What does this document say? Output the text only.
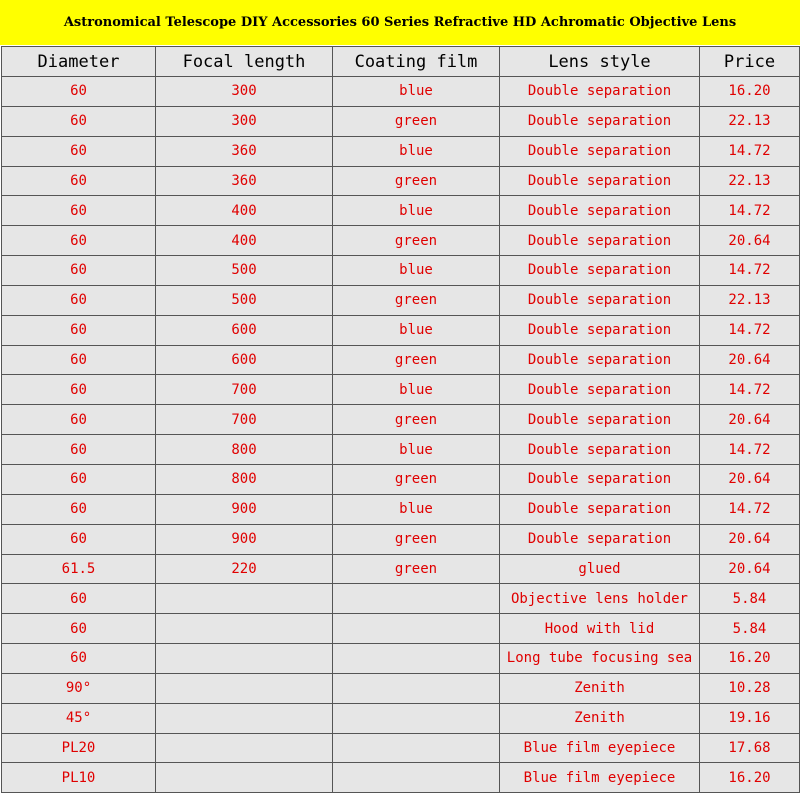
Astronomical Telescope DIY Accessories 60 Series Refractive HD Achromatic Objective Lens
Diameter	Focal length	Coating film	Lens style	Price
60	300	blue	Double separation	16.20
60	300	green	Double separation	22.13
60	360	blue	Double separation	14.72
60	360	green	Double separation	22.13
60	400	blue	Double separation	14.72
60	400	green	Double separation	20.64
60	500	blue	Double separation	14.72
60	500	green	Double separation	22.13
60	600	blue	Double separation	14.72
60	600	green	Double separation	20.64
60	700	blue	Double separation	14.72
60	700	green	Double separation	20.64
60	800	blue	Double separation	14.72
60	800	green	Double separation	20.64
60	900	blue	Double separation	14.72
60	900	green	Double separation	20.64
61.5	220	green	glued	20.64
60			Objective lens holder	5.84
60			Hood with lid	5.84
60			Long tube focusing sea	16.20
90°			Zenith	10.28
45°			Zenith	19.16
PL20			Blue film eyepiece	17.68
PL10			Blue film eyepiece	16.20
